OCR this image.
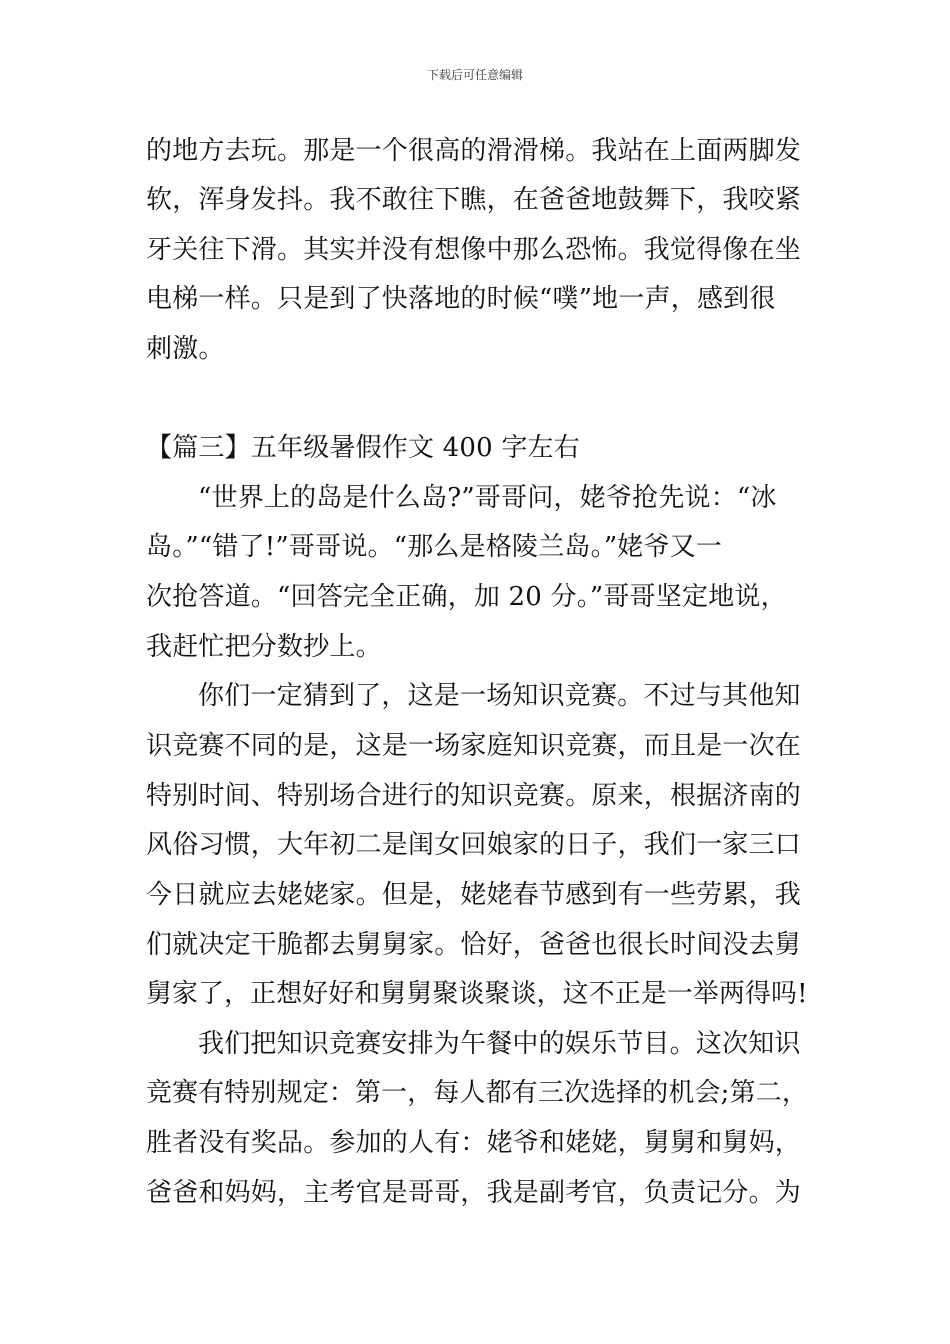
下载后可任意编辑
的地方去玩。那是一个很高的滑滑梯。我站在上面两脚发
软，浑身发抖。我不敢往下瞧，在爸爸地鼓舞下，我咬紧
牙关往下滑。其实并没有想像中那么恐怖。我觉得像在坐
电梯一样。只是到了快落地的时候“噗”地一声，感到很
刺激。
【篇三】五年级暑假作文 400 字左右
“世界上的岛是什么岛?”哥哥问，姥爷抢先说：“冰
岛。”“错了!”哥哥说。“那么是格陵兰岛。”姥爷又一
次抢答道。“回答完全正确，加 20 分。”哥哥坚定地说，
我赶忙把分数抄上。
你们一定猜到了，这是一场知识竞赛。不过与其他知
识竞赛不同的是，这是一场家庭知识竞赛，而且是一次在
特别时间、特别场合进行的知识竞赛。原来，根据济南的
风俗习惯，大年初二是闺女回娘家的日子，我们一家三口
今日就应去姥姥家。但是，姥姥春节感到有一些劳累，我
们就决定干脆都去舅舅家。恰好，爸爸也很长时间没去舅
舅家了，正想好好和舅舅聚谈聚谈，这不正是一举两得吗!
我们把知识竞赛安排为午餐中的娱乐节目。这次知识
竞赛有特别规定：第一，每人都有三次选择的机会;第二，
胜者没有奖品。参加的人有：姥爷和姥姥，舅舅和舅妈，
爸爸和妈妈，主考官是哥哥，我是副考官，负责记分。为
